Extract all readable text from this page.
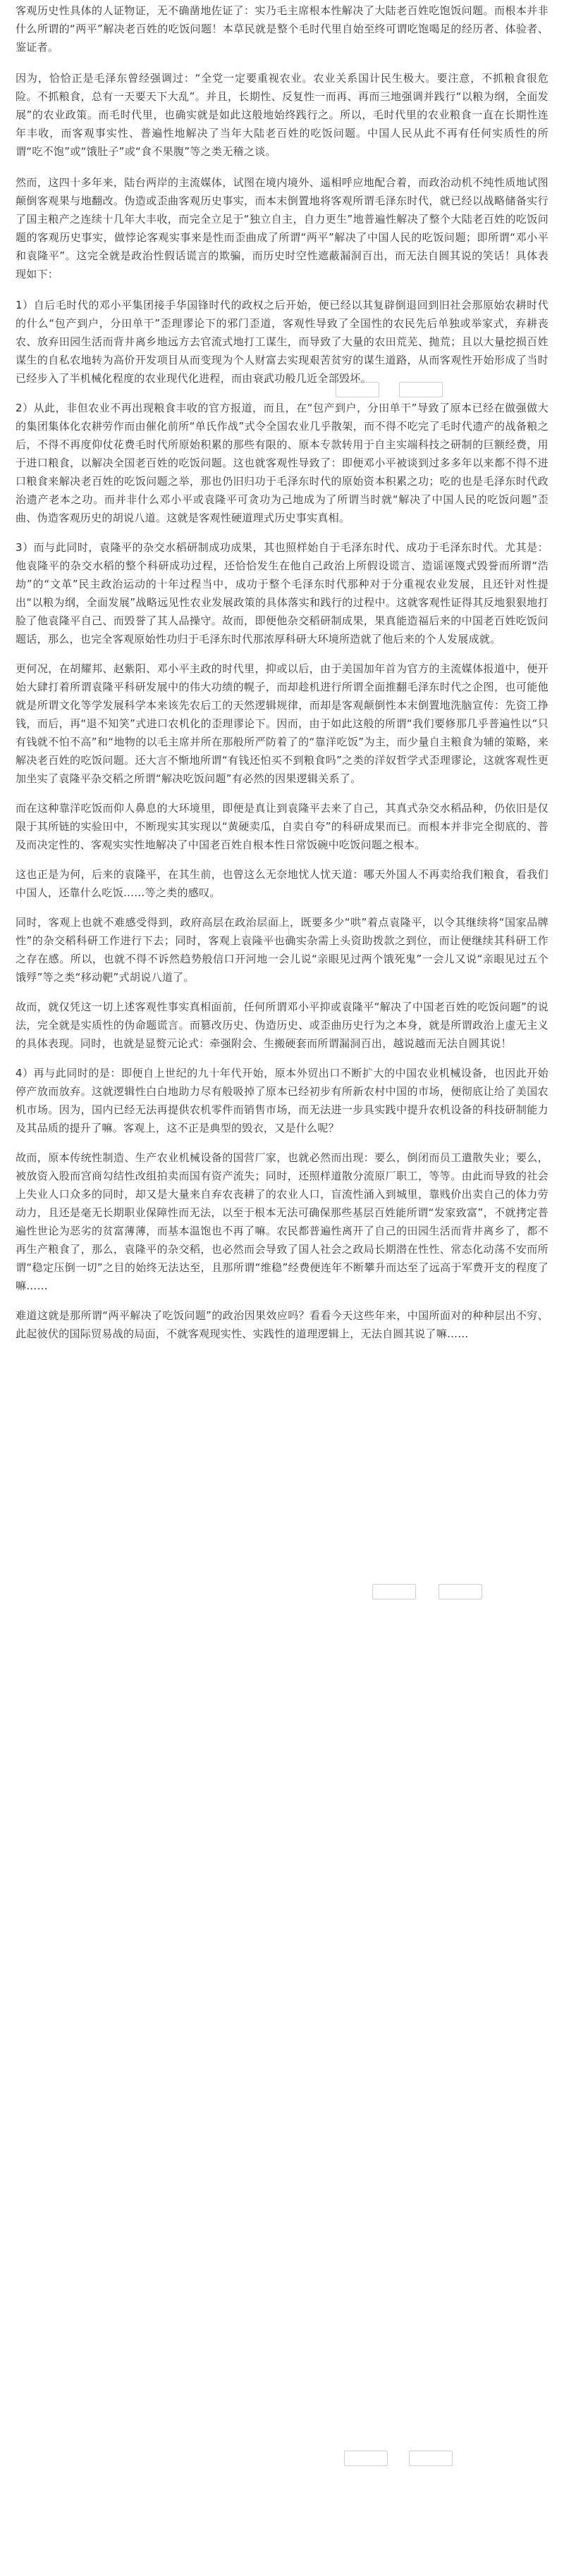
客观历史性具体的人证物证，无不确凿地佐证了：实乃毛主席根本性解决了大陆老百姓吃饱饭问题。而根本并非什么所谓的“两平”解决老百姓的吃饭问题！本草民就是整个毛时代里自始至终可谓吃饱喝足的经历者、体验者、鉴证者。

因为，恰恰正是毛泽东曾经强调过：“全党一定要重视农业。农业关系国计民生极大。要注意，不抓粮食很危险。不抓粮食，总有一天要天下大乱”。并且，长期性、反复性一而再、再而三地强调并践行“以粮为纲，全面发展”的农业政策。而毛时代里，也确实就是如此这般地始终践行之。所以，毛时代里的农业粮食一直在长期性连年丰收，而客观事实性、普遍性地解决了当年大陆老百姓的吃饭问题。中国人民从此不再有任何实质性的所谓“吃不饱”或“饿肚子”或“食不果腹”等之类无稽之谈。

然而，这四十多年来，陆台两岸的主流媒体，试图在境内境外、遥相呼应地配合着，而政治动机不纯性质地试图颠倒客观果与地翻改。伪造或歪曲客观历史事实，而本末倒置地将客观所谓毛泽东时代，就已经以战略储备实行了国主粮产之连续十几年大丰收，而完全立足于“独立自主，自力更生”地普遍性解决了整个大陆老百姓的吃饭问题的客观历史事实，做悖论客观实事来是性而歪曲成了所谓“两平”解决了中国人民的吃饭问题；即所谓“邓小平和袁隆平”。这完全就是政治性假话谎言的欺骗，而历史时空性遮蔽漏洞百出，而无法自圆其说的笑话！具体表现如下：

1）自后毛时代的邓小平集团接手华国锋时代的政权之后开始，便已经以其复辟倒退回到旧社会那原始农耕时代的什么“包产到户，分田单干”歪理谬论下的邪门歪道，客观性导致了全国性的农民先后单独或举家式，弃耕丧农、放弃田园生活而背井离乡地远方去官流式地打工谋生，而导致了大量的农田荒芜、抛荒；且以大量挖损百姓谋生的自私农地转为高价开发项目从而变现为个人财富去实现艰苦贫穷的谋生道路，从而客观性开始形成了当时已经步入了半机械化程度的农业现代化进程，而由衰武功般几近全部毁坏。

2）从此，非但农业不再出现粮食丰收的官方报道，而且，在“包产到户，分田单干”导致了原本已经在做强做大的集团集体化农耕劳作而由催化前所“单氏作战”式令全国农业几乎散架，而不得不吃完了毛时代遗产的战备粮之后，不得不再度仰仗花费毛时代所原始积累的那些有限的、原本专款转用于自主实端科技之研制的巨额经费，用于进口粮食，以解决全国老百姓的吃饭问题。这也就客观性导致了：即便邓小平被谈到过多多年以来都不得不进口粮食来解决老百姓的吃饭问题之举，那也仍旧归功于毛泽东时代的原始资本积累之功；吃的也是毛泽东时代政治遗产老本之功。而并非什么邓小平或袁隆平可贪功为己地成为了所谓当时就“解决了中国人民的吃饭问题”歪曲、伪造客观历史的胡说八道。这就是客观性硬道理式历史事实真相。

3）而与此同时，袁隆平的杂交水稻研制成功成果，其也照样始自于毛泽东时代、成功于毛泽东时代。尤其是：他袁隆平的杂交水稻的整个科研成功过程，还恰恰发生在他自己政治上所假设谎言、造谣诬篾式毁誉而所谓“浩劫”的“文革”民主政治运动的十年过程当中，成功于整个毛泽东时代那种对于分重视农业发展，且还针对性提出“以粮为纲，全面发展”战略远见性农业发展政策的具体落实和践行的过程中。这就客观性证得其反地狠狠地打脸了他袁隆平自己、而毁誉了其人品操守。故而，即便他杂交稻研制成果，果真能造福后来的中国老百姓吃饭问题话，那么，也完全客观原始性功归于毛泽东时代那浓厚科研大环境所造就了他后来的个人发展成就。

更何况，在胡耀邦、赵紫阳、邓小平主政的时代里，抑或以后，由于美国加年首为官方的主流媒体报道中，便开始大肆打着所谓袁隆平科研发展中的伟大功绩的幌子，而却趁机进行所谓全面推翻毛泽东时代之企图，也可能他就是所谓文化等学发展科学本来该先农后工的天然逻辑规律，而却是客观颠倒性本末倒置地洗脑宣传：先资工挣钱，而后，再“退不知笑”式进口农机化的歪理谬论下。因而，由于如此这般的所谓“我们要修那几乎普遍性以“只有钱就不怕不高”和“地物的以毛主席并所在那般所严防着了的“靠洋吃饭”为主，而少量自主粮食为辅的策略，来解决老百姓的吃饭问题。还大言不惭地所谓“有钱还怕买不到粮食吗”之类的洋奴哲学式歪理谬论，这就客观性更加坐实了袁隆平杂交稻之所谓“解决吃饭问题”有必然的因果逻辑关系了。

而在这种靠洋吃饭而仰人鼻息的大环境里，即便是真让到袁隆平去来了自己，其真式杂交水稻品种，仍依旧是仅限于其所链的实验田中，不断现实其实现以“黄硬卖瓜，自卖自夸”的科研成果而已。而根本并非完全彻底的、普及而决定性的、客观实实性地解决了中国老百姓自根本性日常饭碗中吃饭问题之根本。

这也正是为何，后来的袁隆平，在其生前，也曾这么无奈地忧人忧天道：哪天外国人不再卖给我们粮食，看我们中国人，还靠什么吃饭……等之类的感叹。

同时，客观上也就不难感受得到，政府高层在政治层面上，既要多少“哄”着点袁隆平，以令其继续将“国家品牌性”的杂交稻科研工作进行下去；同时，客观上袁隆平也确实杂需上头资助拨款之到位，而让便继续其科研工作之存在感。所以，也就不得不诉然趋势般信口开河地一会儿说“亲眼见过两个饿死鬼”一会儿又说“亲眼见过五个饿殍”等之类“移动靶”式胡说八道了。

故而，就仅凭这一切上述客观性事实真相面前，任何所谓邓小平抑或袁隆平“解决了中国老百姓的吃饭问题”的说法，完全就是实质性的伪命题谎言。而篡改历史、伪造历史、或歪曲历史行为之本身，就是所谓政治上虚无主义的具体表现。同时，也就是显赘元论式：牵强附会、生搬硬套而所谓漏洞百出，越说越而无法自圆其说！

4）再与此同时的是：即便自上世纪的九十年代开始，原本外贸出口不断扩大的中国农业机械设备，也因此开始停产放而放弃。这就逻辑性白白地助力尽有般吸掉了原本已经初步有所新农村中国的市场，便彻底让给了美国农机市场。因为，国内已经无法再提供农机零件而销售市场，而无法进一步具实践中提升农机设备的科技研制能力及其品质的提升了嘛。客观上，这不正是典型的毁衣，又是什么呢？

故而，原本传统性制造、生产农业机械设备的国营厂家，也就必然而出现：要么，倒闭而员工遣散失业；要么，被放资入股而宫商勾结性改组拍卖而国有资产流失；同时，还照样道散分流原厂职工，等等。由此而导致的社会上失业人口众多的同时，却又是大量来自弃农丧耕了的农业人口，盲流性涌入到城里，靠贱价出卖自己的体力劳动力，且还是毫无长期职业保障性而无法，以至于根本无法可确保那些基层百姓能所谓“发家致富”，不就拷定普遍性世论为恶劣的贫富薄薄，而基本温饱也不再了嘛。农民都普遍性离开了自己的田园生活而背井离乡了，都不再生产粮食了，那么，袁隆平的杂交稻，也必然而会导致了国人社会之政局长期潜在性性、常态化动荡不安而所谓“稳定压倒一切”之目的始终无法达至，且那所谓“维稳”经费便连年不断攀升而达至了远高于军费开支的程度了嘛……

难道这就是那所谓“两平解决了吃饭问题”的政治因果效应吗？看看今天这些年来，中国所面对的种种层出不穷、此起彼伏的国际贸易战的局面，不就客观现实性、实践性的道理逻辑上，无法自圆其说了嘛……
